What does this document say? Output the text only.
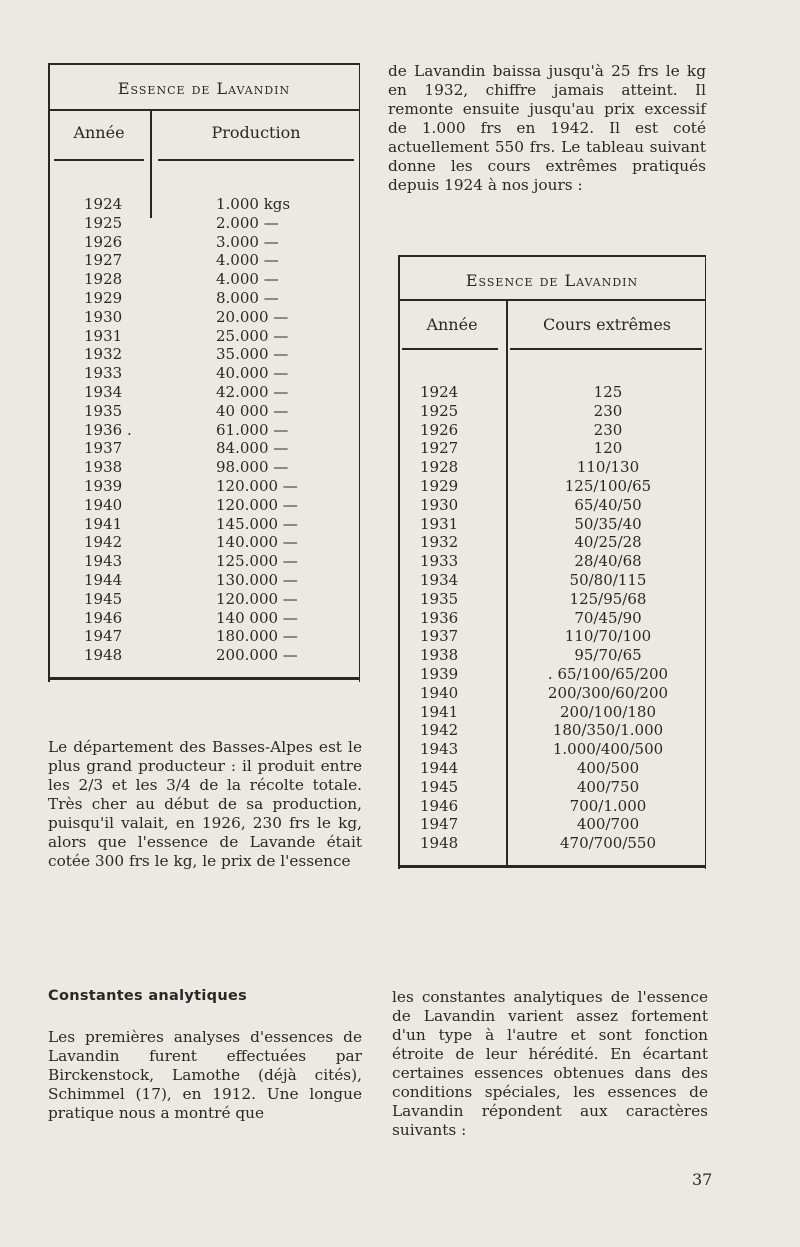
Essence de Lavandin
Année	Production
1924	1.000 kgs
1925	2.000 —
1926	3.000 —
1927	4.000 —
1928	4.000 —
1929	8.000 —
1930	20.000 —
1931	25.000 —
1932	35.000 —
1933	40.000 —
1934	42.000 —
1935	40 000 —
1936 .	61.000 —
1937	84.000 —
1938	98.000 —
1939	120.000 —
1940	120.000 —
1941	145.000 —
1942	140.000 —
1943	125.000 —
1944	130.000 —
1945	120.000 —
1946	140 000 —
1947	180.000 —
1948	200.000 —
Essence de Lavandin
Année	Cours extrêmes
1924	125
1925	230
1926	230
1927	120
1928	110/130
1929	125/100/65
1930	65/40/50
1931	50/35/40
1932	40/25/28
1933	28/40/68
1934	50/80/115
1935	125/95/68
1936	70/45/90
1937	110/70/100
1938	95/70/65
1939	. 65/100/65/200
1940	200/300/60/200
1941	200/100/180
1942	180/350/1.000
1943	1.000/400/500
1944	400/500
1945	400/750
1946	700/1.000
1947	400/700
1948	470/700/550

de Lavandin baissa jusqu'à 25 frs le kg en 1932, chiffre jamais atteint. Il remonte ensuite jusqu'au prix excessif de 1.000 frs en 1942. Il est coté actuellement 550 frs. Le tableau suivant donne les cours extrêmes pratiqués depuis 1924 à nos jours :

Le département des Basses-Alpes est le plus grand producteur : il produit entre les 2/3 et les 3/4 de la récolte totale. Très cher au début de sa production, puisqu'il valait, en 1926, 230 frs le kg, alors que l'essence de Lavande était cotée 300 frs le kg, le prix de l'essence

Constantes analytiques

Les premières analyses d'essences de Lavandin furent effectuées par Birckenstock, Lamothe (déjà cités), Schimmel (17), en 1912. Une longue pratique nous a montré que

les constantes analytiques de l'essence de Lavandin varient assez fortement d'un type à l'autre et sont fonction étroite de leur hérédité. En écartant certaines essences obtenues dans des conditions spéciales, les essences de Lavandin répondent aux caractères suivants :

37
